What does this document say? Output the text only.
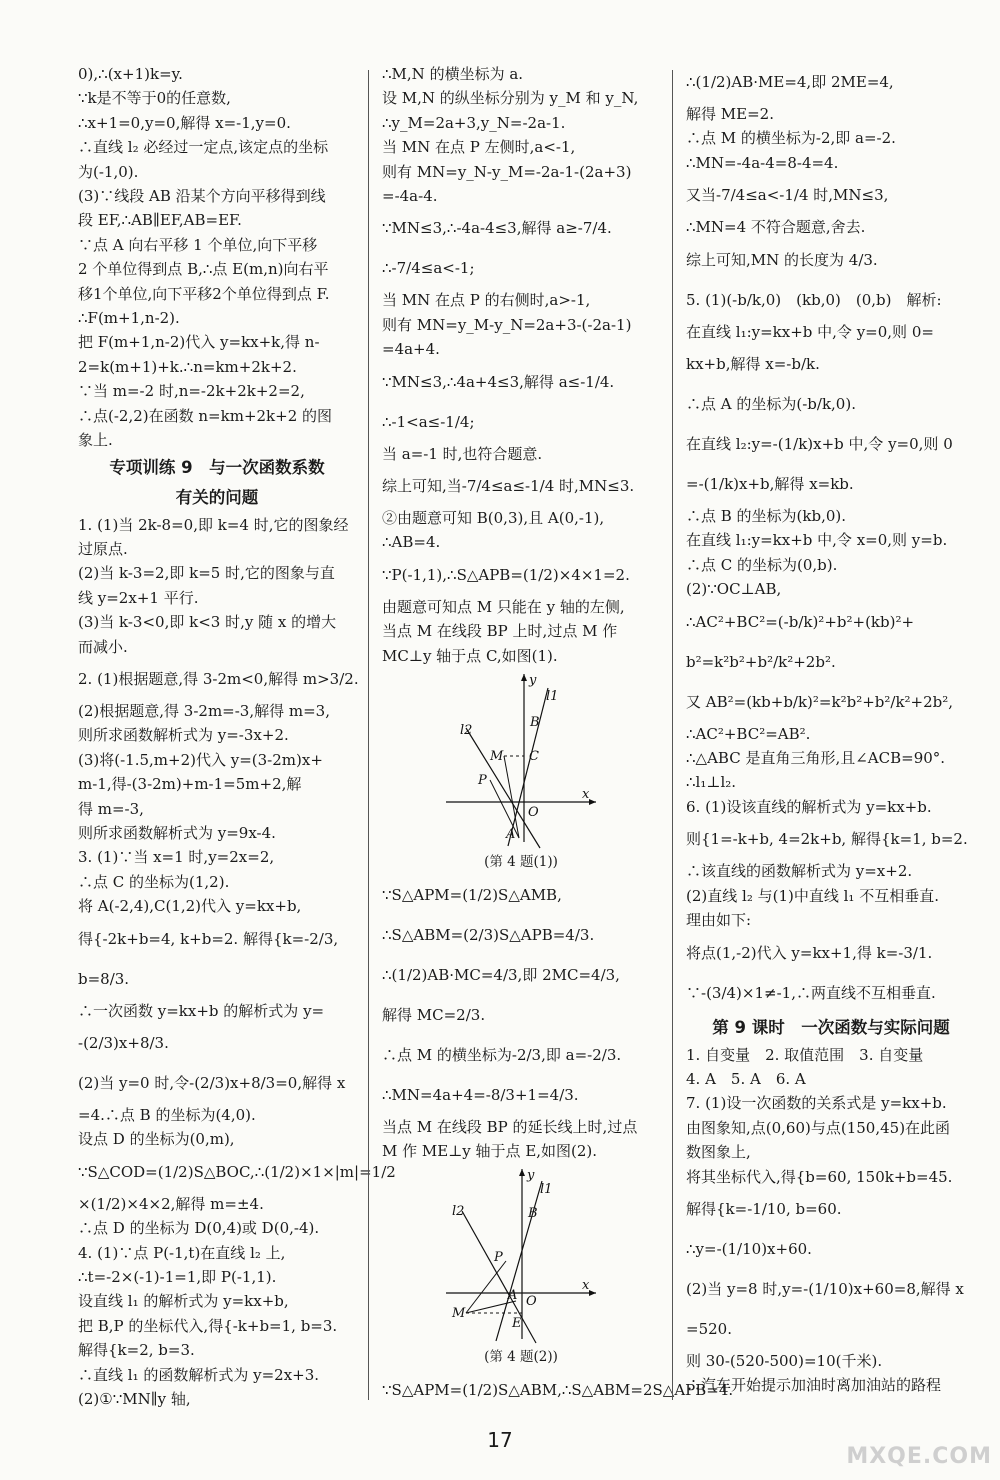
0),∴(x+1)k=y.
∵k是不等于0的任意数,
∴x+1=0,y=0,解得 x=-1,y=0.
∴直线 l₂ 必经过一定点,该定点的坐标
为(-1,0).
(3)∵线段 AB 沿某个方向平移得到线
段 EF,∴AB∥EF,AB=EF.
∵点 A 向右平移 1 个单位,向下平移
2 个单位得到点 B,∴点 E(m,n)向右平
移1个单位,向下平移2个单位得到点 F.
∴F(m+1,n-2).
把 F(m+1,n-2)代入 y=kx+k,得 n-
2=k(m+1)+k.∴n=km+2k+2.
∵当 m=-2 时,n=-2k+2k+2=2,
∴点(-2,2)在函数 n=km+2k+2 的图
象上.
专项训练 9　与一次函数系数
有关的问题
1. (1)当 2k-8=0,即 k=4 时,它的图象经
过原点.
(2)当 k-3=2,即 k=5 时,它的图象与直
线 y=2x+1 平行.
(3)当 k-3<0,即 k<3 时,y 随 x 的增大
而减小.
2. (1)根据题意,得 3-2m<0,解得 m>3/2.
(2)根据题意,得 3-2m=-3,解得 m=3,
则所求函数解析式为 y=-3x+2.
(3)将(-1.5,m+2)代入 y=(3-2m)x+
m-1,得-(3-2m)+m-1=5m+2,解
得 m=-3,
则所求函数解析式为 y=9x-4.
3. (1)∵当 x=1 时,y=2x=2,
∴点 C 的坐标为(1,2).
将 A(-2,4),C(1,2)代入 y=kx+b,
得{-2k+b=4, k+b=2. 解得{k=-2/3,
b=8/3.
∴一次函数 y=kx+b 的解析式为 y=
-(2/3)x+8/3.
(2)当 y=0 时,令-(2/3)x+8/3=0,解得 x
=4.∴点 B 的坐标为(4,0).
设点 D 的坐标为(0,m),
∵S△COD=(1/2)S△BOC,∴(1/2)×1×|m|=1/2
×(1/2)×4×2,解得 m=±4.
∴点 D 的坐标为 D(0,4)或 D(0,-4).
4. (1)∵点 P(-1,t)在直线 l₂ 上,
∴t=-2×(-1)-1=1,即 P(-1,1).
设直线 l₁ 的解析式为 y=kx+b,
把 B,P 的坐标代入,得{-k+b=1, b=3.
解得{k=2, b=3.
∴直线 l₁ 的函数解析式为 y=2x+3.
(2)①∵MN∥y 轴,
∴M,N 的横坐标为 a.
设 M,N 的纵坐标分别为 y_M 和 y_N,
∴y_M=2a+3,y_N=-2a-1.
当 MN 在点 P 左侧时,a<-1,
则有 MN=y_N-y_M=-2a-1-(2a+3)
=-4a-4.
∵MN≤3,∴-4a-4≤3,解得 a≥-7/4.
∴-7/4≤a<-1;
当 MN 在点 P 的右侧时,a>-1,
则有 MN=y_M-y_N=2a+3-(-2a-1)
=4a+4.
∵MN≤3,∴4a+4≤3,解得 a≤-1/4.
∴-1<a≤-1/4;
当 a=-1 时,也符合题意.
综上可知,当-7/4≤a≤-1/4 时,MN≤3.
②由题意可知 B(0,3),且 A(0,-1),
∴AB=4.
∵P(-1,1),∴S△APB=(1/2)×4×1=2.
由题意可知点 M 只能在 y 轴的左侧,
当点 M 在线段 BP 上时,过点 M 作
MC⊥y 轴于点 C,如图(1).
x
y
l1
l2
B
C
M
P
O
A
(第 4 题(1))
∵S△APM=(1/2)S△AMB,
∴S△ABM=(2/3)S△APB=4/3.
∴(1/2)AB·MC=4/3,即 2MC=4/3,
解得 MC=2/3.
∴点 M 的横坐标为-2/3,即 a=-2/3.
∴MN=4a+4=-8/3+1=4/3.
当点 M 在线段 BP 的延长线上时,过点
M 作 ME⊥y 轴于点 E,如图(2).
x
y
l1
l2	B
P
A O
M
E
(第 4 题(2))
∵S△APM=(1/2)S△ABM,∴S△ABM=2S△APB=4.
∴(1/2)AB·ME=4,即 2ME=4,
解得 ME=2.
∴点 M 的横坐标为-2,即 a=-2.
∴MN=-4a-4=8-4=4.
又当-7/4≤a<-1/4 时,MN≤3,
∴MN=4 不符合题意,舍去.
综上可知,MN 的长度为 4/3.
5. (1)(-b/k,0)　(kb,0)　(0,b)　解析:
在直线 l₁:y=kx+b 中,令 y=0,则 0=
kx+b,解得 x=-b/k.
∴点 A 的坐标为(-b/k,0).
在直线 l₂:y=-(1/k)x+b 中,令 y=0,则 0
=-(1/k)x+b,解得 x=kb.
∴点 B 的坐标为(kb,0).
在直线 l₁:y=kx+b 中,令 x=0,则 y=b.
∴点 C 的坐标为(0,b).
(2)∵OC⊥AB,
∴AC²+BC²=(-b/k)²+b²+(kb)²+
b²=k²b²+b²/k²+2b².
又 AB²=(kb+b/k)²=k²b²+b²/k²+2b²,
∴AC²+BC²=AB².
∴△ABC 是直角三角形,且∠ACB=90°.
∴l₁⊥l₂.
6. (1)设该直线的解析式为 y=kx+b.
则{1=-k+b, 4=2k+b, 解得{k=1, b=2.
∴该直线的函数解析式为 y=x+2.
(2)直线 l₂ 与(1)中直线 l₁ 不互相垂直.
理由如下:
将点(1,-2)代入 y=kx+1,得 k=-3/1.
∵-(3/4)×1≠-1,∴两直线不互相垂直.
第 9 课时　一次函数与实际问题
1. 自变量　2. 取值范围　3. 自变量
4. A　5. A　6. A
7. (1)设一次函数的关系式是 y=kx+b.
由图象知,点(0,60)与点(150,45)在此函
数图象上,
将其坐标代入,得{b=60, 150k+b=45.
解得{k=-1/10, b=60.
∴y=-(1/10)x+60.
(2)当 y=8 时,y=-(1/10)x+60=8,解得 x
=520.
则 30-(520-500)=10(千米).
∴汽车开始提示加油时离加油站的路程
17
MXQE.COM
